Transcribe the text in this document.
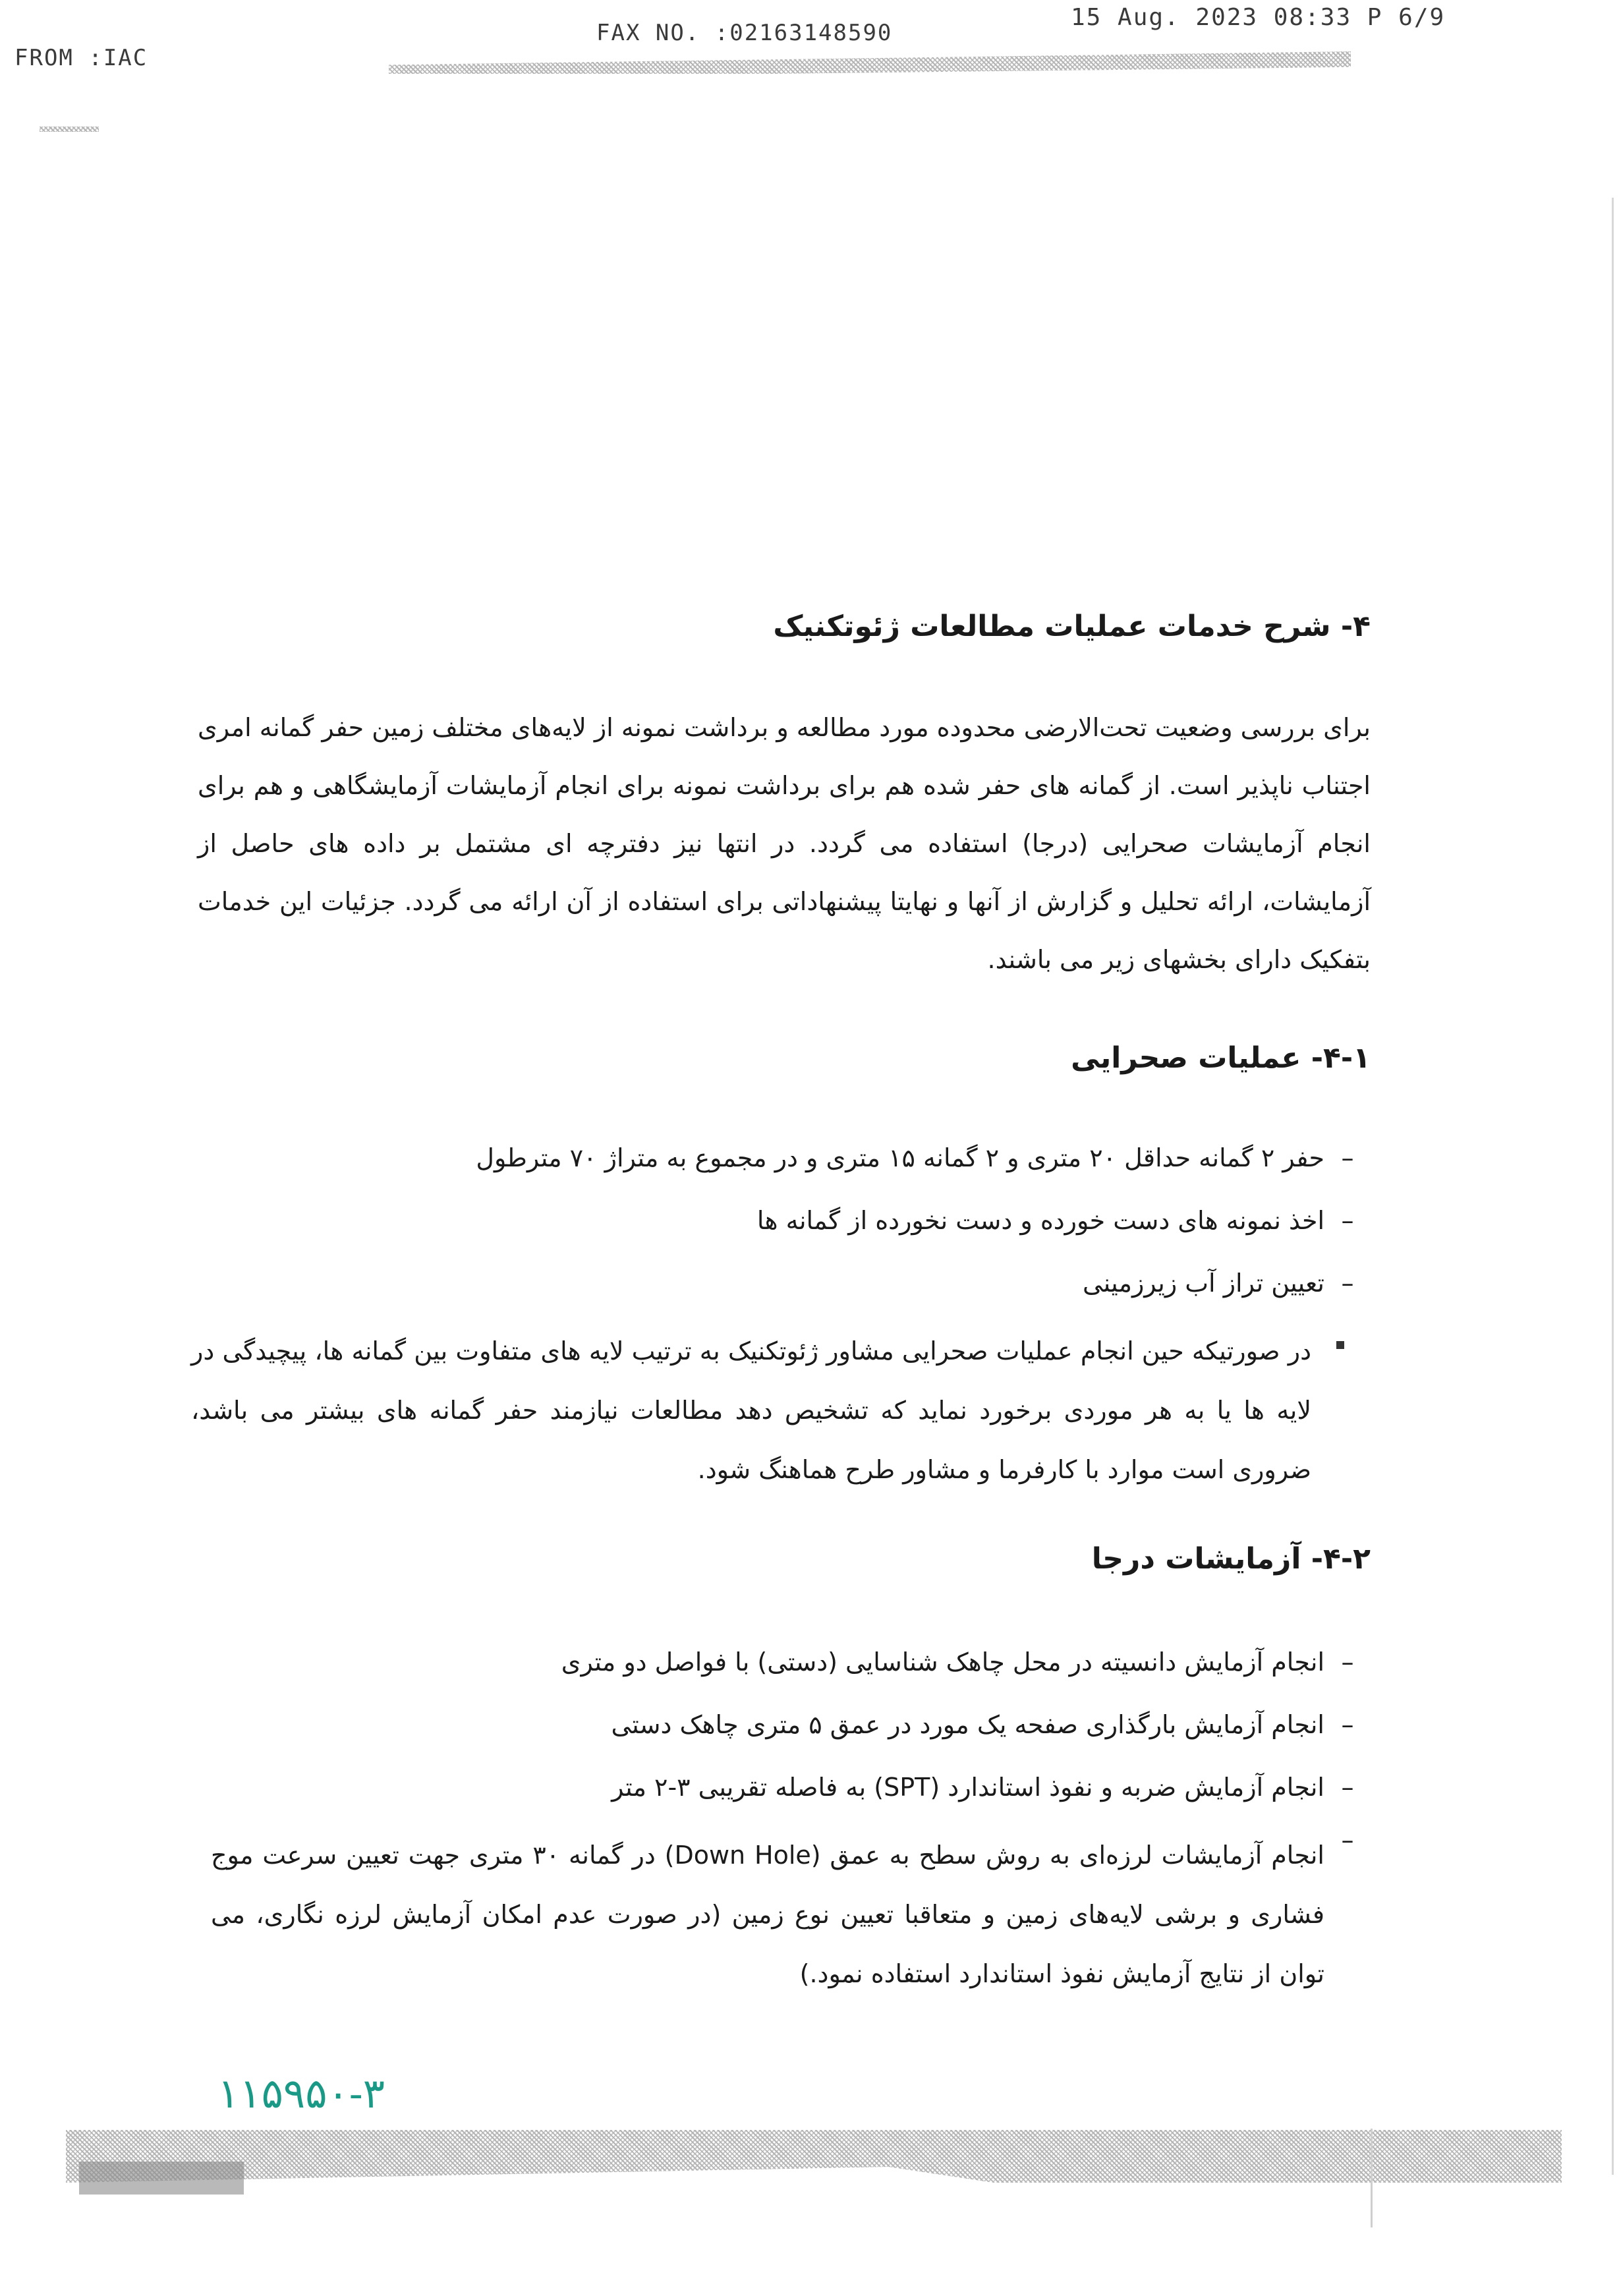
FROM :IAC
FAX NO. :02163148590
15 Aug. 2023 08:33 P 6/9
۴- شرح خدمات عملیات مطالعات ژئوتکنیک
برای بررسی وضعیت تحت‌الارضی محدوده مورد مطالعه و برداشت نمونه از لایه‌های مختلف زمین حفر گمانه امری اجتناب ناپذیر است. از گمانه های حفر شده هم برای برداشت نمونه برای انجام آزمایشات آزمایشگاهی و هم برای انجام آزمایشات صحرایی (درجا) استفاده می گردد. در انتها نیز دفترچه ای مشتمل بر داده های حاصل از آزمایشات، ارائه تحلیل و گزارش از آنها و نهایتا پیشنهاداتی برای استفاده از آن ارائه می گردد. جزئیات این خدمات بتفکیک دارای بخشهای زیر می باشند.
۴-۱- عملیات صحرایی
–حفر ۲ گمانه حداقل ۲۰ متری و ۲ گمانه ۱۵ متری و در مجموع به متراژ ۷۰ مترطول
–اخذ نمونه های دست خورده و دست نخورده از گمانه ها
–تعیین تراز آب زیرزمینی
در صورتیکه حین انجام عملیات صحرایی مشاور ژئوتکنیک به ترتیب لایه های متفاوت بین گمانه ها، پیچیدگی در لایه ها یا به هر موردی برخورد نماید که تشخیص دهد مطالعات نیازمند حفر گمانه های بیشتر می باشد، ضروری است موارد با کارفرما و مشاور طرح هماهنگ شود.
۴-۲- آزمایشات درجا
–انجام آزمایش دانسیته در محل چاهک شناسایی (دستی) با فواصل دو متری
–انجام آزمایش بارگذاری صفحه یک مورد در عمق ۵ متری چاهک دستی
–انجام آزمایش ضربه و نفوذ استاندارد (SPT) به فاصله تقریبی ۳-۲ متر
–
انجام آزمایشات لرزه‌ای به روش سطح به عمق (Down Hole) در گمانه ۳۰ متری جهت تعیین سرعت موج فشاری و برشی لایه‌های زمین و متعاقبا تعیین نوع زمین (در صورت عدم امکان آزمایش لرزه نگاری، می توان از نتایج آزمایش نفوذ استاندارد استفاده نمود.)
۱۱۵۹۵۰-۳
